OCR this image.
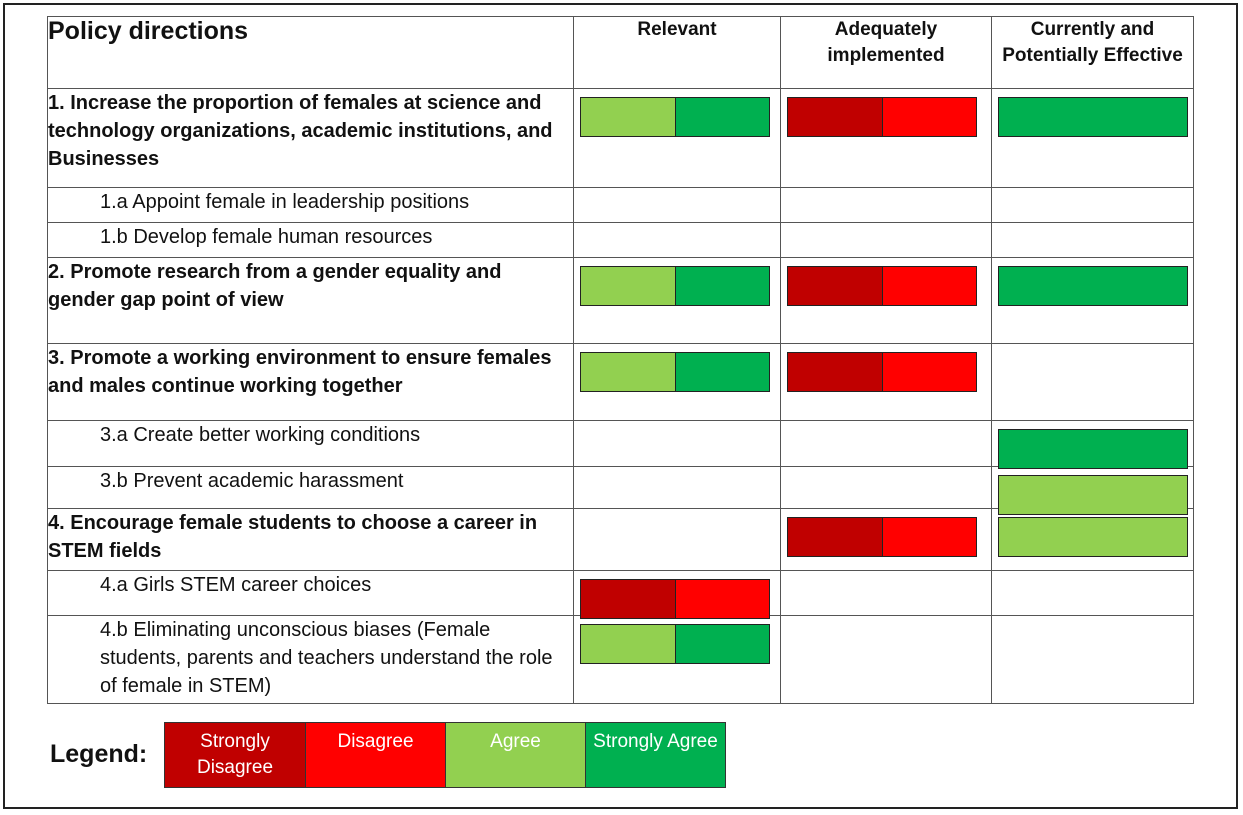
Policy directions	Relevant	Adequately implemented	Currently and Potentially Effective
1. Increase the proportion of females at science and technology organizations, academic institutions, and Businesses	

1.a Appoint female in leadership positions			
1.b Develop female human resources			
2. Promote research from a gender equality and gender gap point of view	

3. Promote a working environment to ensure females and males continue working together	

3.a Create better working conditions			

3.b Prevent academic harassment			

4. Encourage female students to choose a career in STEM fields		

4.a Girls STEM career choices	

4.b Eliminating unconscious biases (Female students, parents and teachers understand the role of female in STEM)	

Legend:	Strongly Disagree
Disagree	Agree	Strongly Agree
